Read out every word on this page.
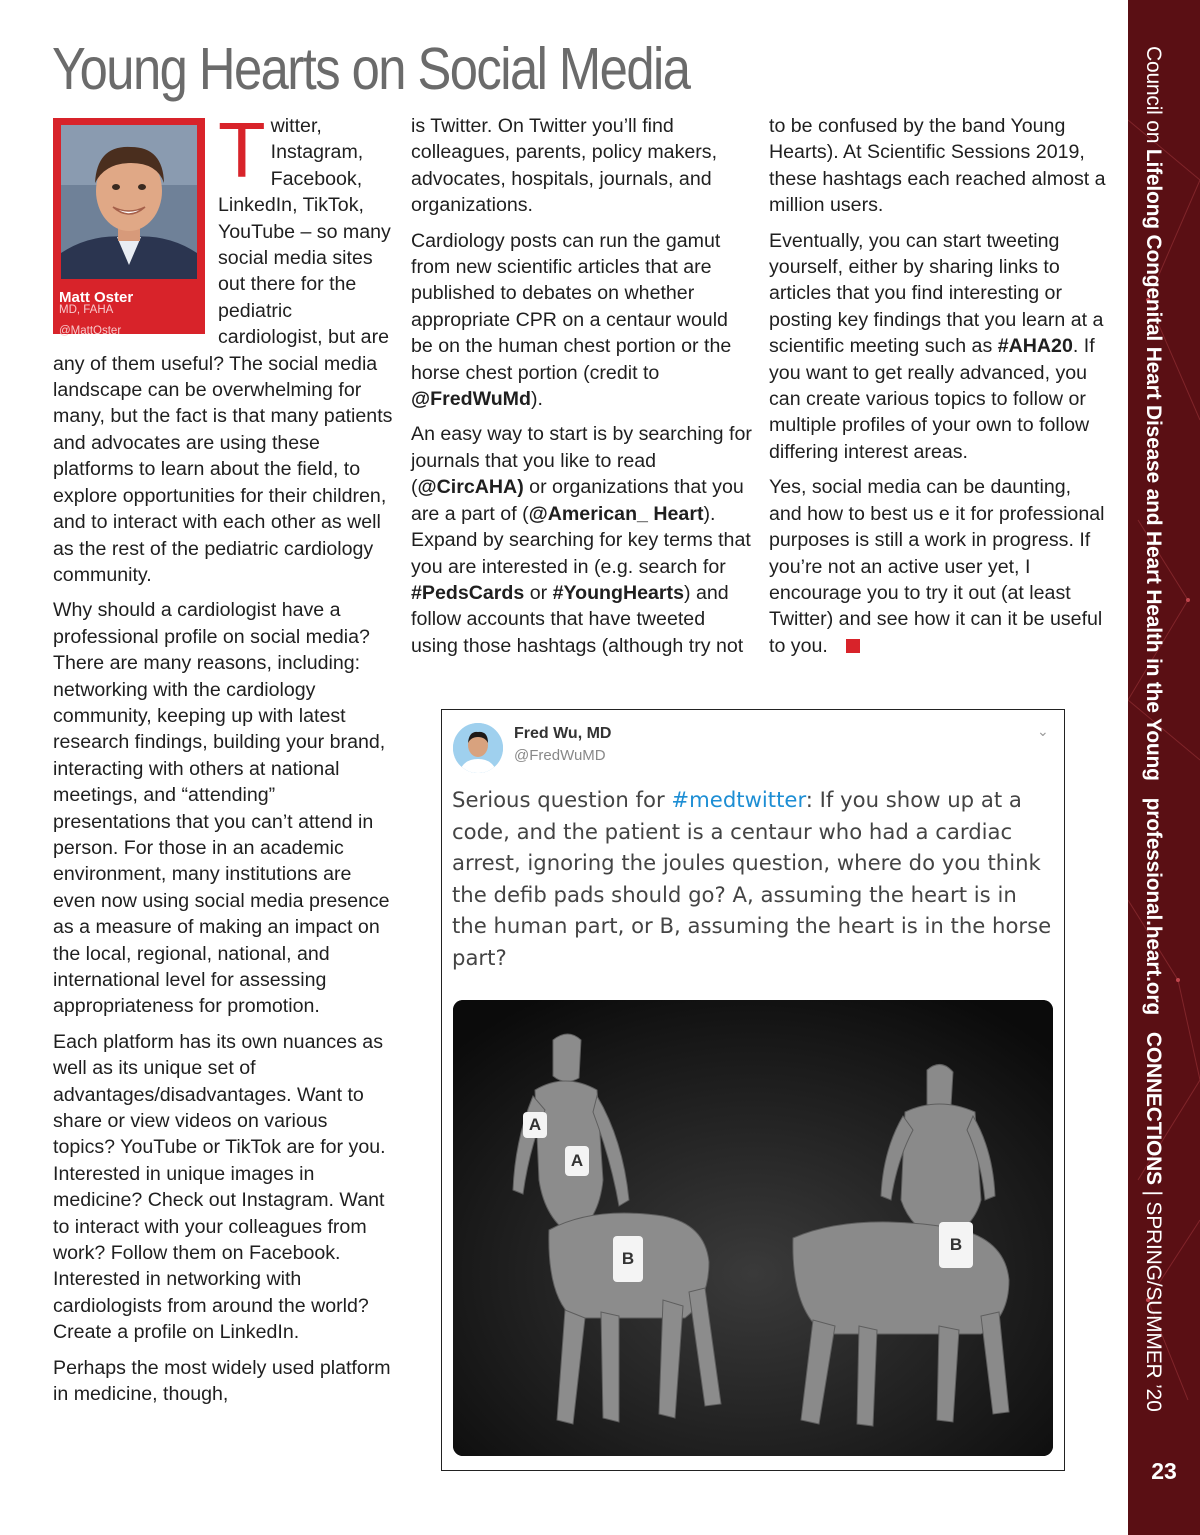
Young Hearts on Social Media
Matt Oster
MD, FAHA
@MattOster

Twitter, Instagram, Facebook, LinkedIn, TikTok, YouTube – so many social media sites out there for the pediatric cardiologist, but are any of them useful? The social media landscape can be overwhelming for many, but the fact is that many patients and advocates are using these platforms to learn about the field, to explore opportunities for their children, and to interact with each other as well as the rest of the pediatric cardiology community.

Why should a cardiologist have a professional profile on social media? There are many reasons, including: networking with the cardiology community, keeping up with latest research findings, building your brand, interacting with others at national meetings, and “attending” presentations that you can’t attend in person. For those in an academic environment, many institutions are even now using social media presence as a measure of making an impact on the local, regional, national, and international level for assessing appropriateness for promotion.

Each platform has its own nuances as well as its unique set of advantages/disadvantages. Want to share or view videos on various topics? YouTube or TikTok are for you. Interested in unique images in medicine? Check out Instagram. Want to interact with your colleagues from work? Follow them on Facebook. Interested in networking with cardiologists from around the world? Create a profile on LinkedIn.

Perhaps the most widely used platform in medicine, though,

is Twitter. On Twitter you’ll find colleagues, parents, policy makers, advocates, hospitals, journals, and organizations.

Cardiology posts can run the gamut from new scientific articles that are published to debates on whether appropriate CPR on a centaur would be on the human chest portion or the horse chest portion (credit to @FredWuMd).

An easy way to start is by searching for journals that you like to read (@CircAHA) or organizations that you are a part of (@American_ Heart). Expand by searching for key terms that you are interested in (e.g. search for #PedsCards or #YoungHearts) and follow accounts that have tweeted using those hashtags (although try not

to be confused by the band Young Hearts). At Scientific Sessions 2019, these hashtags each reached almost a million users.

Eventually, you can start tweeting yourself, either by sharing links to articles that you find interesting or posting key findings that you learn at a scientific meeting such as #AHA20. If you want to get really advanced, you can create various topics to follow or multiple profiles of your own to follow differing interest areas.

Yes, social media can be daunting, and how to best us e it for professional purposes is still a work in progress. If you’re not an active user yet, I encourage you to try it out (at least Twitter) and see how it can it be useful to you.

Fred Wu, MD
@FredWuMD
⌄
Serious question for #medtwitter: If you show up at a code, and the patient is a centaur who had a cardiac arrest, ignoring the joules question, where do you think the defib pads should go? A, assuming the heart is in the human part, or B, assuming the heart is in the horse part?
A
A
B
B
Council on Lifelong Congenital Heart Disease and Heart Health in the Young   professional.heart.org   CONNECTIONS | SPRING/SUMMER ’20
23
